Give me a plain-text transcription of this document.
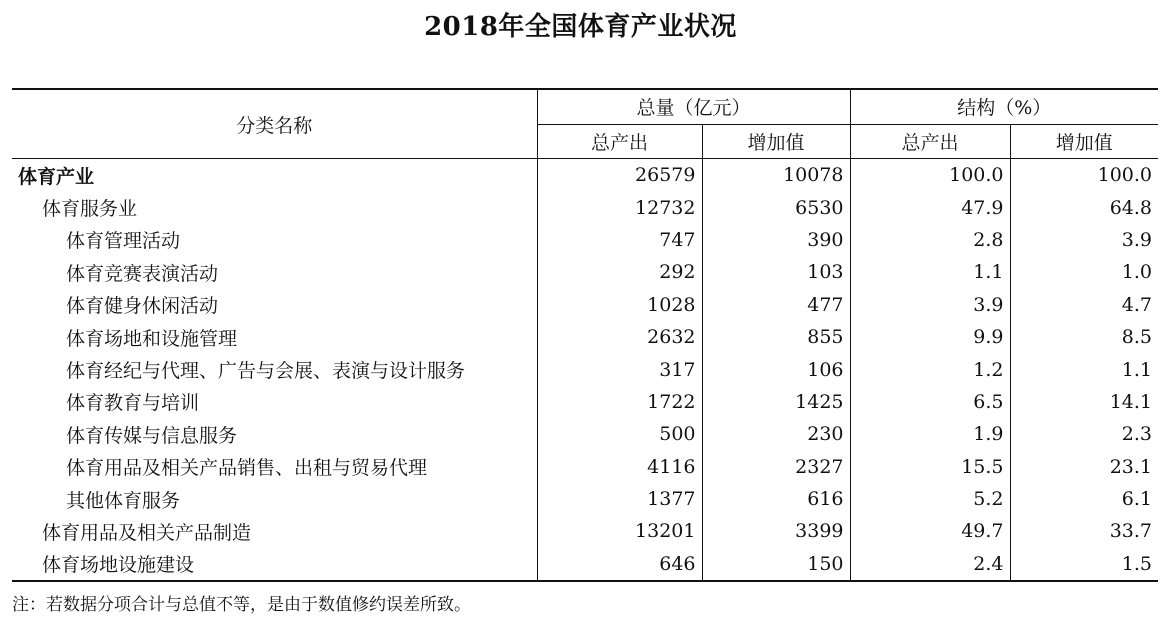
2018年全国体育产业状况
分类名称	总量（亿元）		结构（%）	
	总产出	增加值	总产出	增加值
体育产业	26579	10078	100.0	100.0
体育服务业	12732	6530	47.9	64.8
体育管理活动	747	390	2.8	3.9
体育竞赛表演活动	292	103	1.1	1.0
体育健身休闲活动	1028	477	3.9	4.7
体育场地和设施管理	2632	855	9.9	8.5
体育经纪与代理、广告与会展、表演与设计服务	317	106	1.2	1.1
体育教育与培训	1722	1425	6.5	14.1
体育传媒与信息服务	500	230	1.9	2.3
体育用品及相关产品销售、出租与贸易代理	4116	2327	15.5	23.1
其他体育服务	1377	616	5.2	6.1
体育用品及相关产品制造	13201	3399	49.7	33.7
体育场地设施建设	646	150	2.4	1.5
注：若数据分项合计与总值不等，是由于数值修约误差所致。
